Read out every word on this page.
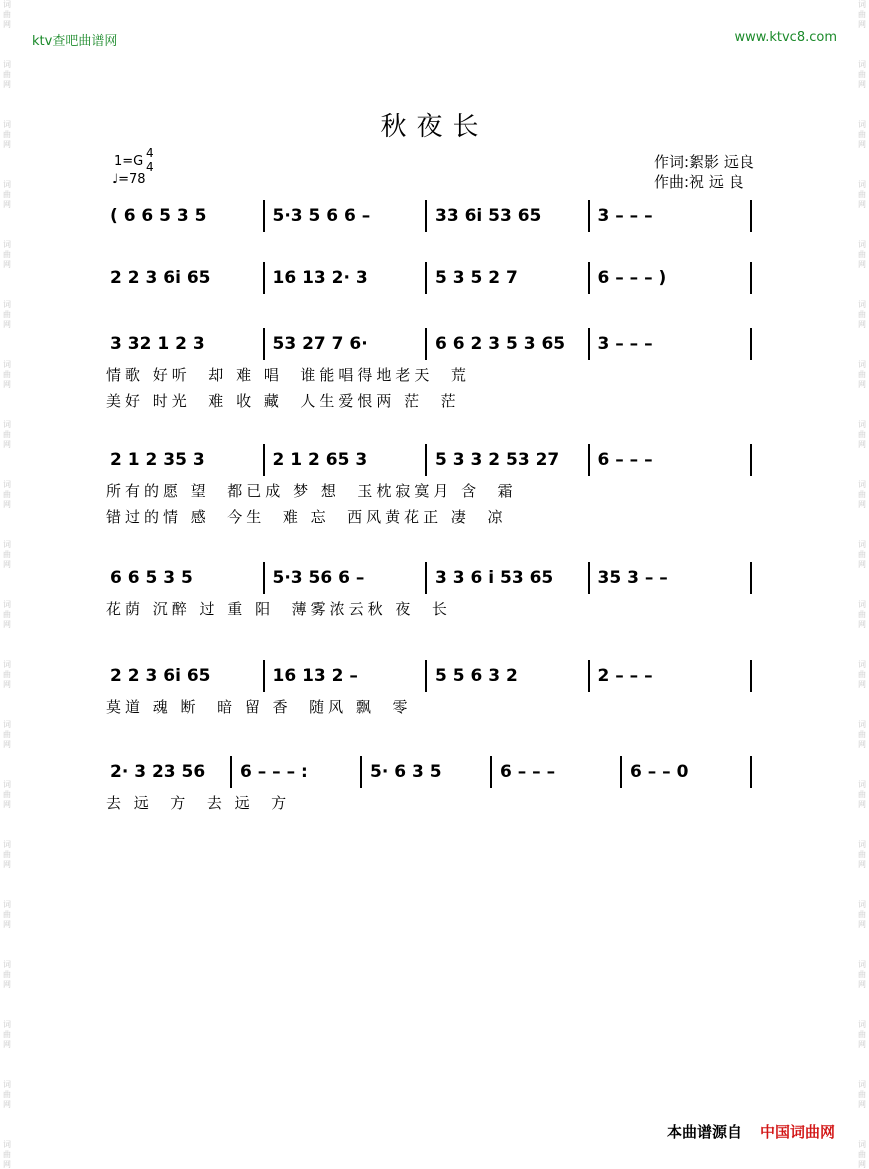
词
曲
网
词
曲
网
词
曲
网
词
曲
网
词
曲
网
词
曲
网
词
曲
网
词
曲
网
词
曲
网
词
曲
网
词
曲
网
词
曲
网
词
曲
网
词
曲
网
词
曲
网
词
曲
网
词
曲
网
词
曲
网
词
曲
网
词
曲
网
词
曲
网
词
曲
网
词
曲
网
词
曲
网
词
曲
网
词
曲
网
词
曲
网
词
曲
网
词
曲
网
词
曲
网
词
曲
网
词
曲
网
词
曲
网
词
曲
网
词
曲
网
词
曲
网
词
曲
网
词
曲
网
词
曲
网
词
曲
网
ktv查吧曲谱网	www.ktvc8.com
秋夜长
1=G
4
4
♩=78
作词:絮影 远良
作曲:祝 远 良
( 6 6 5 3 5	5·3 5 6 6 –	33 6i 53 65	3 – – –
2 2 3 6i 65	16 13 2· 3	5 3 5 2 7	6 – – – )
3 32 1 2 3	53 27 7 6·	6 6 2 3 5 3 65 3 – – –
情歌 好听  却 难 唱  谁能唱得地老天  荒
美好 时光  难 收 藏  人生爱恨两 茫  茫
2 1 2 35 3	2 1 2 65 3	5 3 3 2 53 27 6 – – –
所有的愿 望  都已成 梦 想  玉枕寂寞月 含  霜
错过的情 感  今生  难 忘  西风黄花正 凄  凉
6 6 5 3 5	5·3 56 6 –	3 3 6 i 53 65	35 3 – –
花荫 沉醉 过 重 阳  薄雾浓云秋 夜  长
2 2 3 6i 65	16 13 2 –	5 5 6 3 2	2 – – –
莫道 魂 断  暗 留 香  随风 飘  零
2· 3 23 56 6 – – – :	5· 6 3 5	6 – – –	6 – – 0
去 远  方  去 远  方
本曲谱源自 中国词曲网
